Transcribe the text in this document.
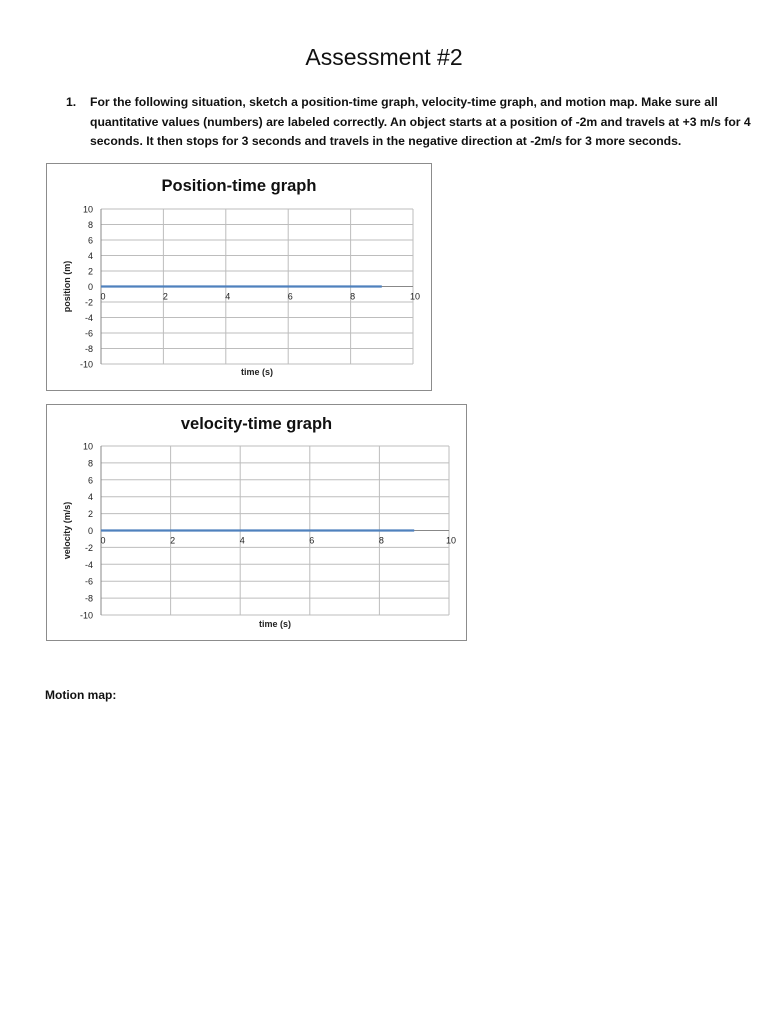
Assessment #2
1. For the following situation, sketch a position-time graph, velocity-time graph, and motion map. Make sure all quantitative values (numbers) are labeled correctly. An object starts at a position of -2m and travels at +3 m/s for 4 seconds. It then stops for 3 seconds and travels in the negative direction at -2m/s for 3 more seconds.
Position-time graph
10
8
6
4
2
0
-2
-4
-6
-8
-10
0	2	4	6	8	10
time (s)
position (m)
velocity-time graph
10
8
6
4
2
0
-2
-4
-6
-8
-10
0	2	4	6	8	10
time (s)
velocity (m/s)
Motion map:
